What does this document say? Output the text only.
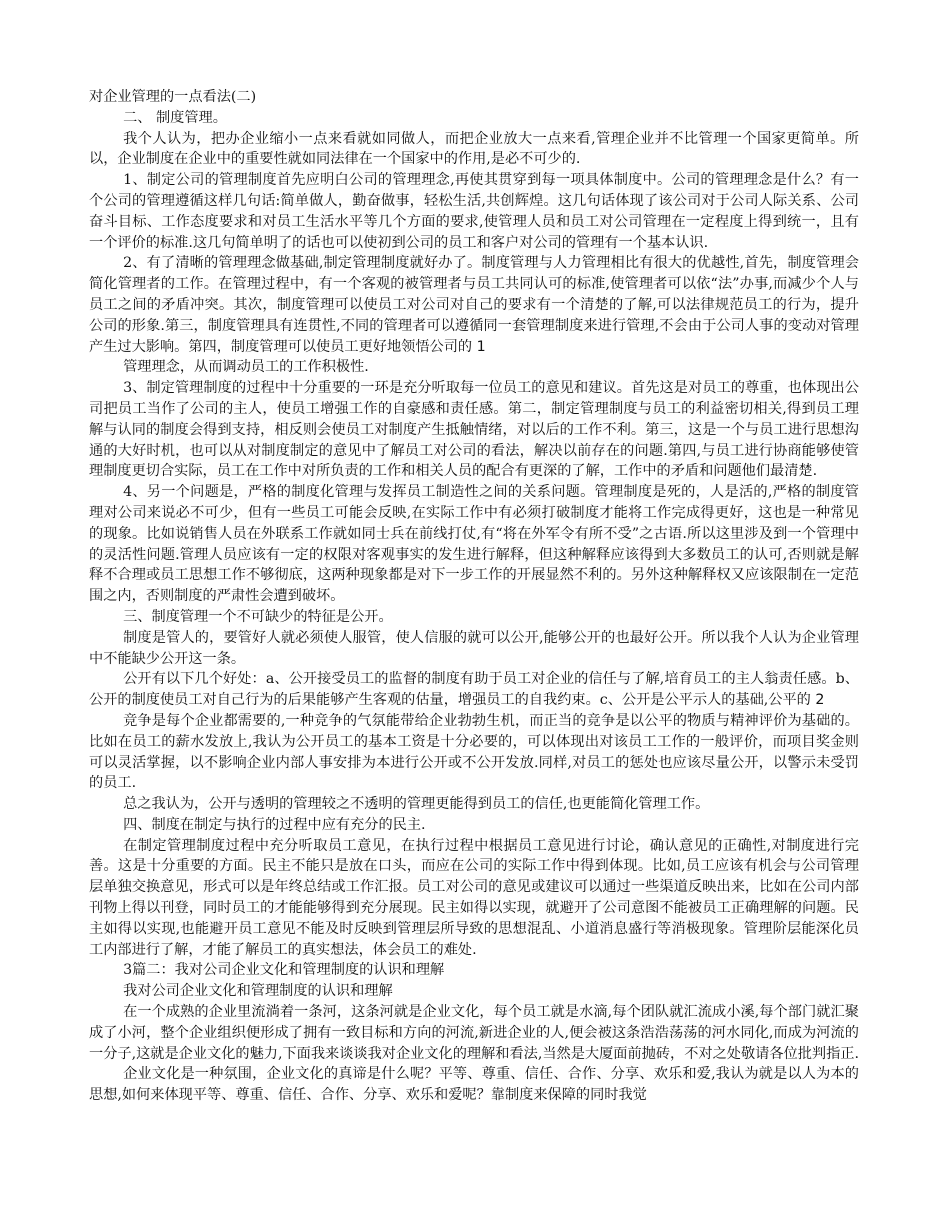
对企业管理的一点看法(二)

二、 制度管理。

我个人认为，把办企业缩小一点来看就如同做人，而把企业放大一点来看,管理企业并不比管理一个国家更简单。所以，企业制度在企业中的重要性就如同法律在一个国家中的作用,是必不可少的.

1、制定公司的管理制度首先应明白公司的管理理念,再使其贯穿到每一项具体制度中。公司的管理理念是什么？有一个公司的管理遵循这样几句话:简单做人，勤奋做事，轻松生活,共创辉煌。这几句话体现了该公司对于公司人际关系、公司奋斗目标、工作态度要求和对员工生活水平等几个方面的要求,使管理人员和员工对公司管理在一定程度上得到统一，且有一个评价的标准.这几句简单明了的话也可以使初到公司的员工和客户对公司的管理有一个基本认识.

2、有了清晰的管理理念做基础,制定管理制度就好办了。制度管理与人力管理相比有很大的优越性,首先，制度管理会简化管理者的工作。在管理过程中，有一个客观的被管理者与员工共同认可的标准,使管理者可以依“法”办事,而减少个人与员工之间的矛盾冲突。其次，制度管理可以使员工对公司对自己的要求有一个清楚的了解,可以法律规范员工的行为，提升公司的形象.第三，制度管理具有连贯性,不同的管理者可以遵循同一套管理制度来进行管理,不会由于公司人事的变动对管理产生过大影响。第四，制度管理可以使员工更好地领悟公司的 1

管理理念，从而调动员工的工作积极性.

3、制定管理制度的过程中十分重要的一环是充分听取每一位员工的意见和建议。首先这是对员工的尊重，也体现出公司把员工当作了公司的主人，使员工增强工作的自豪感和责任感。第二，制定管理制度与员工的利益密切相关,得到员工理解与认同的制度会得到支持，相反则会使员工对制度产生抵触情绪，对以后的工作不利。第三，这是一个与员工进行思想沟通的大好时机，也可以从对制度制定的意见中了解员工对公司的看法，解决以前存在的问题.第四,与员工进行协商能够使管理制度更切合实际，员工在工作中对所负责的工作和相关人员的配合有更深的了解，工作中的矛盾和问题他们最清楚.

4、另一个问题是，严格的制度化管理与发挥员工制造性之间的关系问题。管理制度是死的，人是活的,严格的制度管理对公司来说必不可少，但有一些员工可能会反映,在实际工作中有必须打破制度才能将工作完成得更好，这也是一种常见的现象。比如说销售人员在外联系工作就如同士兵在前线打仗,有“将在外军令有所不受”之古语.所以这里涉及到一个管理中的灵活性问题.管理人员应该有一定的权限对客观事实的发生进行解释，但这种解释应该得到大多数员工的认可,否则就是解释不合理或员工思想工作不够彻底，这两种现象都是对下一步工作的开展显然不利的。另外这种解释权又应该限制在一定范围之内，否则制度的严肃性会遭到破坏。

三、制度管理一个不可缺少的特征是公开。

制度是管人的，要管好人就必须使人服管，使人信服的就可以公开,能够公开的也最好公开。所以我个人认为企业管理中不能缺少公开这一条。

公开有以下几个好处：a、公开接受员工的监督的制度有助于员工对企业的信任与了解,培育员工的主人翁责任感。b、公开的制度使员工对自己行为的后果能够产生客观的估量，增强员工的自我约束。c、公开是公平示人的基础,公平的 2

竞争是每个企业都需要的,一种竞争的气氛能带给企业勃勃生机，而正当的竞争是以公平的物质与精神评价为基础的。比如在员工的薪水发放上,我认为公开员工的基本工资是十分必要的，可以体现出对该员工工作的一般评价，而项目奖金则可以灵活掌握，以不影响企业内部人事安排为本进行公开或不公开发放.同样,对员工的惩处也应该尽量公开，以警示未受罚的员工.

总之我认为，公开与透明的管理较之不透明的管理更能得到员工的信任,也更能简化管理工作。

四、制度在制定与执行的过程中应有充分的民主.

在制定管理制度过程中充分听取员工意见，在执行过程中根据员工意见进行讨论，确认意见的正确性,对制度进行完善。这是十分重要的方面。民主不能只是放在口头，而应在公司的实际工作中得到体现。比如,员工应该有机会与公司管理层单独交换意见，形式可以是年终总结或工作汇报。员工对公司的意见或建议可以通过一些渠道反映出来，比如在公司内部刊物上得以刊登，同时员工的才能能够得到充分展现。民主如得以实现，就避开了公司意图不能被员工正确理解的问题。民主如得以实现,也能避开员工意见不能及时反映到管理层所导致的思想混乱、小道消息盛行等消极现象。管理阶层能深化员工内部进行了解，才能了解员工的真实想法，体会员工的难处.

3篇二：我对公司企业文化和管理制度的认识和理解

我对公司企业文化和管理制度的认识和理解

在一个成熟的企业里流淌着一条河，这条河就是企业文化，每个员工就是水滴,每个团队就汇流成小溪,每个部门就汇聚成了小河，整个企业组织便形成了拥有一致目标和方向的河流,新进企业的人,便会被这条浩浩荡荡的河水同化,而成为河流的一分子,这就是企业文化的魅力,下面我来谈谈我对企业文化的理解和看法,当然是大厦面前抛砖，不对之处敬请各位批判指正.

企业文化是一种氛围，企业文化的真谛是什么呢？平等、尊重、信任、合作、分享、欢乐和爱,我认为就是以人为本的思想,如何来体现平等、尊重、信任、合作、分享、欢乐和爱呢？靠制度来保障的同时我觉
